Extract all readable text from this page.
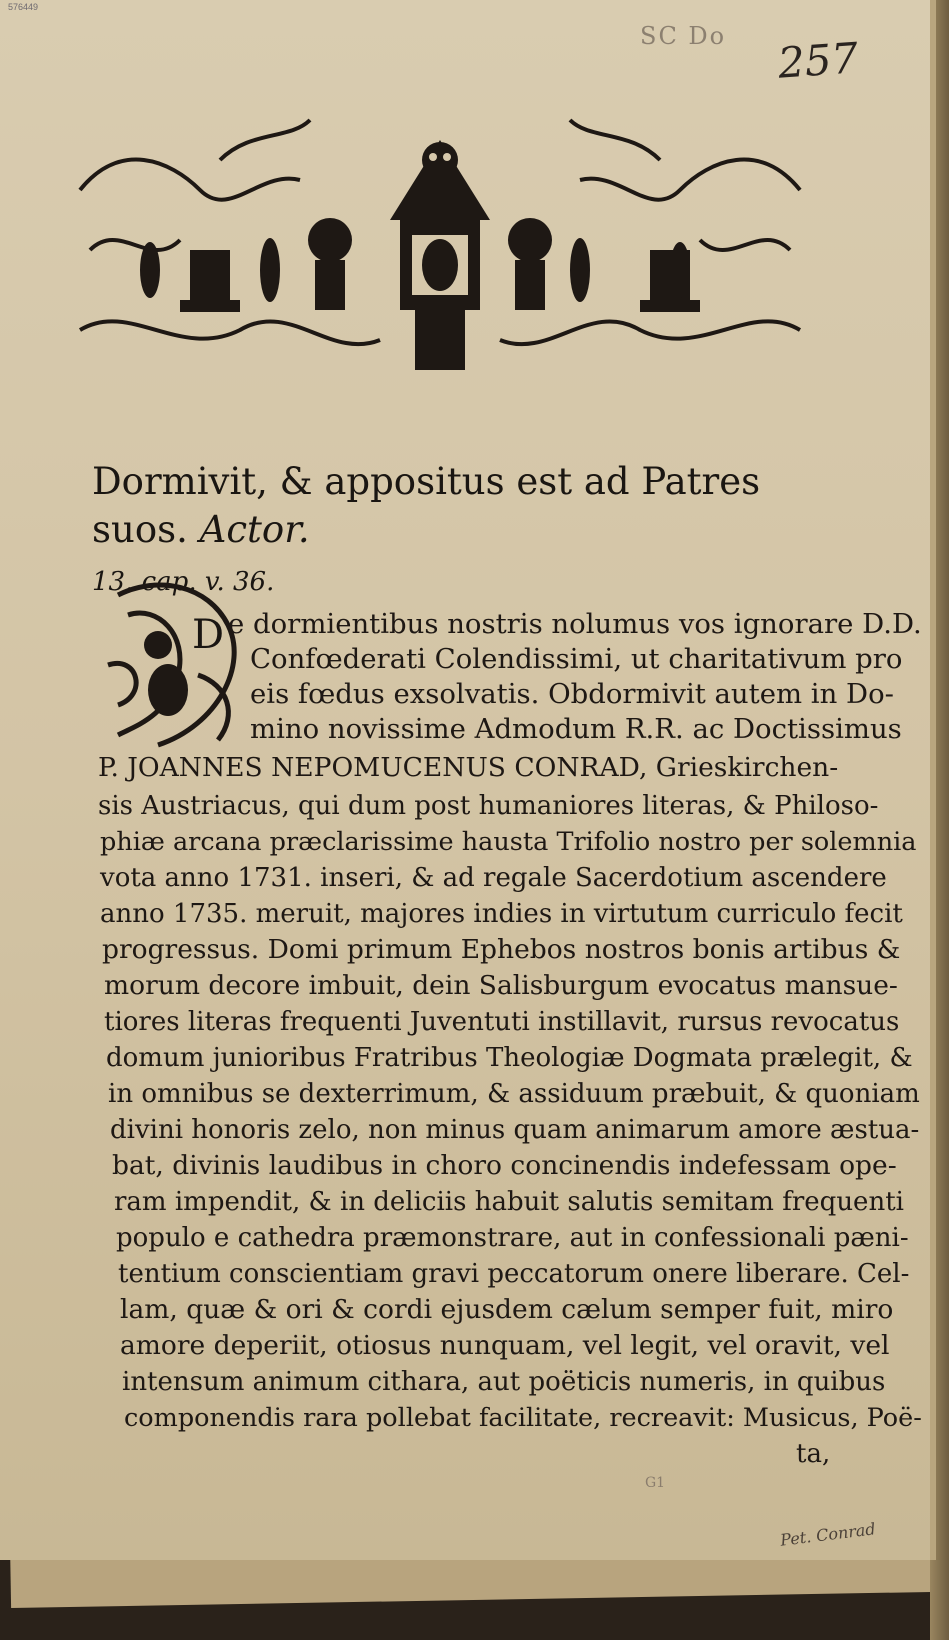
576449
SC Do 257
Dormivit, & appositus est ad Patres suos. Actor.
13. cap. v. 36.
D e dormientibus nostris nolumus vos ignorare D.D.
Confœderati Colendissimi, ut charitativum pro
eis fœdus exsolvatis. Obdormivit autem in Do-
mino novissime Admodum R.R. ac Doctissimus
P. JOANNES NEPOMUCENUS CONRAD, Grieskirchen-
sis Austriacus, qui dum post humaniores literas, & Philoso-
phiæ arcana præclarissime hausta Trifolio nostro per solemnia
vota anno 1731. inseri, & ad regale Sacerdotium ascendere
anno 1735. meruit, majores indies in virtutum curriculo fecit
progressus. Domi primum Ephebos nostros bonis artibus &
morum decore imbuit, dein Salisburgum evocatus mansue-
tiores literas frequenti Juventuti instillavit, rursus revocatus
domum junioribus Fratribus Theologiæ Dogmata prælegit, &
in omnibus se dexterrimum, & assiduum præbuit, & quoniam
divini honoris zelo, non minus quam animarum amore æstua-
bat, divinis laudibus in choro concinendis indefessam ope-
ram impendit, & in deliciis habuit salutis semitam frequenti
populo e cathedra præmonstrare, aut in confessionali pæni-
tentium conscientiam gravi peccatorum onere liberare. Cel-
lam, quæ & ori & cordi ejusdem cælum semper fuit, miro
amore deperiit, otiosus nunquam, vel legit, vel oravit, vel
intensum animum cithara, aut poëticis numeris, in quibus
componendis rara pollebat facilitate, recreavit: Musicus, Poë-
ta,
G1
Pet. Conrad
